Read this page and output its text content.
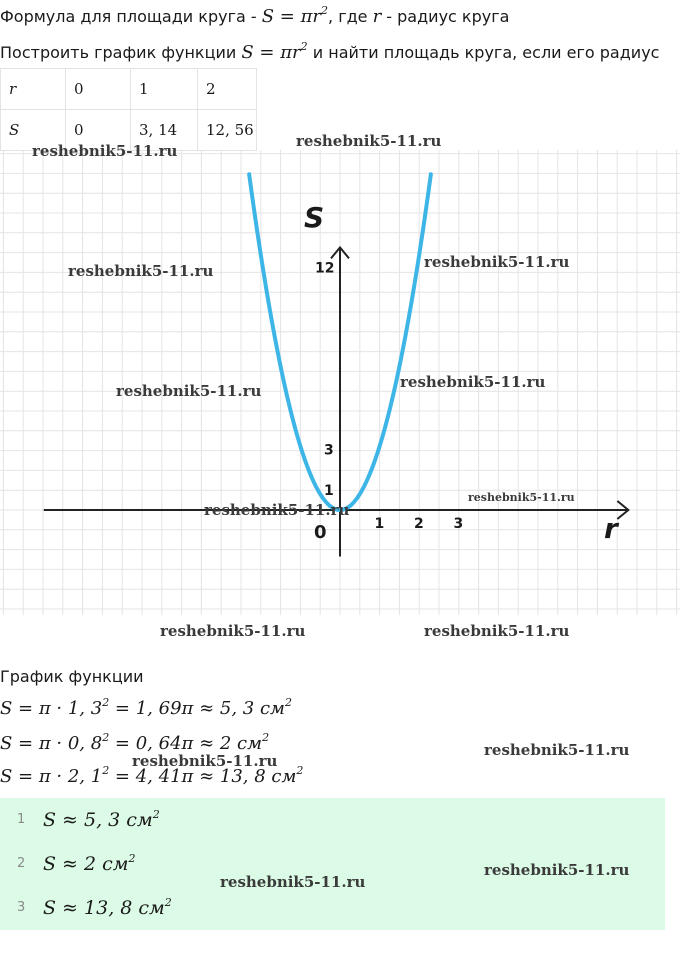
Формула для площади круга - $S = \pi r^2$, где r - радиус круга
Построить график функции $S = \pi r^2$ и найти площадь круга, если его радиус
r	0	1	2
S	0	3, 14	12, 56
S
r
0	1 2 3
1
3
12
График функции
S = π · 1, $3^2 = 1$, 69π ≈ 5, 3 $см^2$
S = π · 0, $8^2 = 0$, 64π ≈ 2 $см^2$
S = π · 2, $1^2 = 4$, 41π ≈ 13, 8 $см^2$
1 S ≈ 5, 3 $см^2$
2 S ≈ 2 $см^2$
3 S ≈ 13, 8 $см^2$
reshebnik5-11.ru
reshebnik5-11.ru
reshebnik5-11.ru	reshebnik5-11.ru
reshebnik5-11.ru	reshebnik5-11.ru
reshebnik5-11.ru
reshebnik5-11.ru
reshebnik5-11.ru	reshebnik5-11.ru
reshebnik5-11.ru
reshebnik5-11.ru
reshebnik5-11.ru
reshebnik5-11.ru
